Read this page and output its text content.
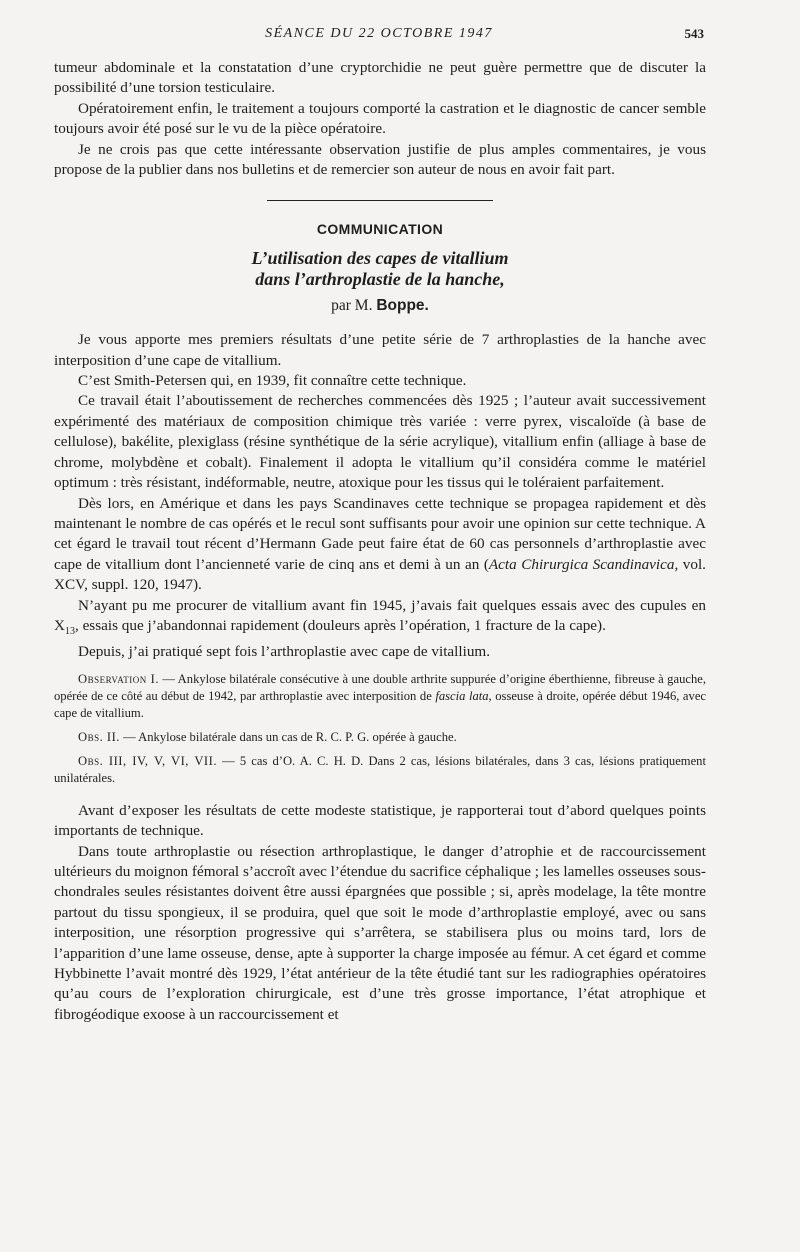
SÉANCE DU 22 OCTOBRE 1947	543

tumeur abdominale et la constatation d’une cryptorchidie ne peut guère permettre que de discuter la possibilité d’une torsion testiculaire.

Opératoirement enfin, le traitement a toujours comporté la castration et le diagnostic de cancer semble toujours avoir été posé sur le vu de la pièce opératoire.

Je ne crois pas que cette intéressante observation justifie de plus amples commentaires, je vous propose de la publier dans nos bulletins et de remercier son auteur de nous en avoir fait part.

COMMUNICATION
L’utilisation des capes de vitallium
dans l’arthroplastie de la hanche,
par M. Boppe.

Je vous apporte mes premiers résultats d’une petite série de 7 arthroplasties de la hanche avec interposition d’une cape de vitallium.

C’est Smith-Petersen qui, en 1939, fit connaître cette technique.

Ce travail était l’aboutissement de recherches commencées dès 1925 ; l’auteur avait successivement expérimenté des matériaux de composition chimique très variée : verre pyrex, viscaloïde (à base de cellulose), bakélite, plexiglass (résine synthétique de la série acrylique), vitallium enfin (alliage à base de chrome, molybdène et cobalt). Finalement il adopta le vitallium qu’il considéra comme le matériel optimum : très résistant, indéformable, neutre, atoxique pour les tissus qui le toléraient parfaitement.

Dès lors, en Amérique et dans les pays Scandinaves cette technique se propagea rapidement et dès maintenant le nombre de cas opérés et le recul sont suffisants pour avoir une opinion sur cette technique. A cet égard le travail tout récent d’Hermann Gade peut faire état de 60 cas personnels d’arthroplastie avec cape de vitallium dont l’ancienneté varie de cinq ans et demi à un an (Acta Chirurgica Scandinavica, vol. XCV, suppl. 120, 1947).

N’ayant pu me procurer de vitallium avant fin 1945, j’avais fait quelques essais avec des cupules en $X_{13}$, essais que j’abandonnai rapidement (douleurs après l’opération, 1 fracture de la cape).

Depuis, j’ai pratiqué sept fois l’arthroplastie avec cape de vitallium.

Observation I. — Ankylose bilatérale consécutive à une double arthrite suppurée d’origine éberthienne, fibreuse à gauche, opérée de ce côté au début de 1942, par arthroplastie avec interposition de fascia lata, osseuse à droite, opérée début 1946, avec cape de vitallium.

Obs. II. — Ankylose bilatérale dans un cas de R. C. P. G. opérée à gauche.

Obs. III, IV, V, VI, VII. — 5 cas d’O. A. C. H. D. Dans 2 cas, lésions bilatérales, dans 3 cas, lésions pratiquement unilatérales.

Avant d’exposer les résultats de cette modeste statistique, je rapporterai tout d’abord quelques points importants de technique.

Dans toute arthroplastie ou résection arthroplastique, le danger d’atrophie et de raccourcissement ultérieurs du moignon fémoral s’accroît avec l’étendue du sacrifice céphalique ; les lamelles osseuses sous-chondrales seules résistantes doivent être aussi épargnées que possible ; si, après modelage, la tête montre partout du tissu spongieux, il se produira, quel que soit le mode d’arthroplastie employé, avec ou sans interposition, une résorption progressive qui s’arrêtera, se stabilisera plus ou moins tard, lors de l’apparition d’une lame osseuse, dense, apte à supporter la charge imposée au fémur. A cet égard et comme Hybbinette l’avait montré dès 1929, l’état antérieur de la tête étudié tant sur les radiographies opératoires qu’au cours de l’exploration chirurgicale, est d’une très grosse importance, l’état atrophique et fibrogéodique exoose à un raccourcissement et
